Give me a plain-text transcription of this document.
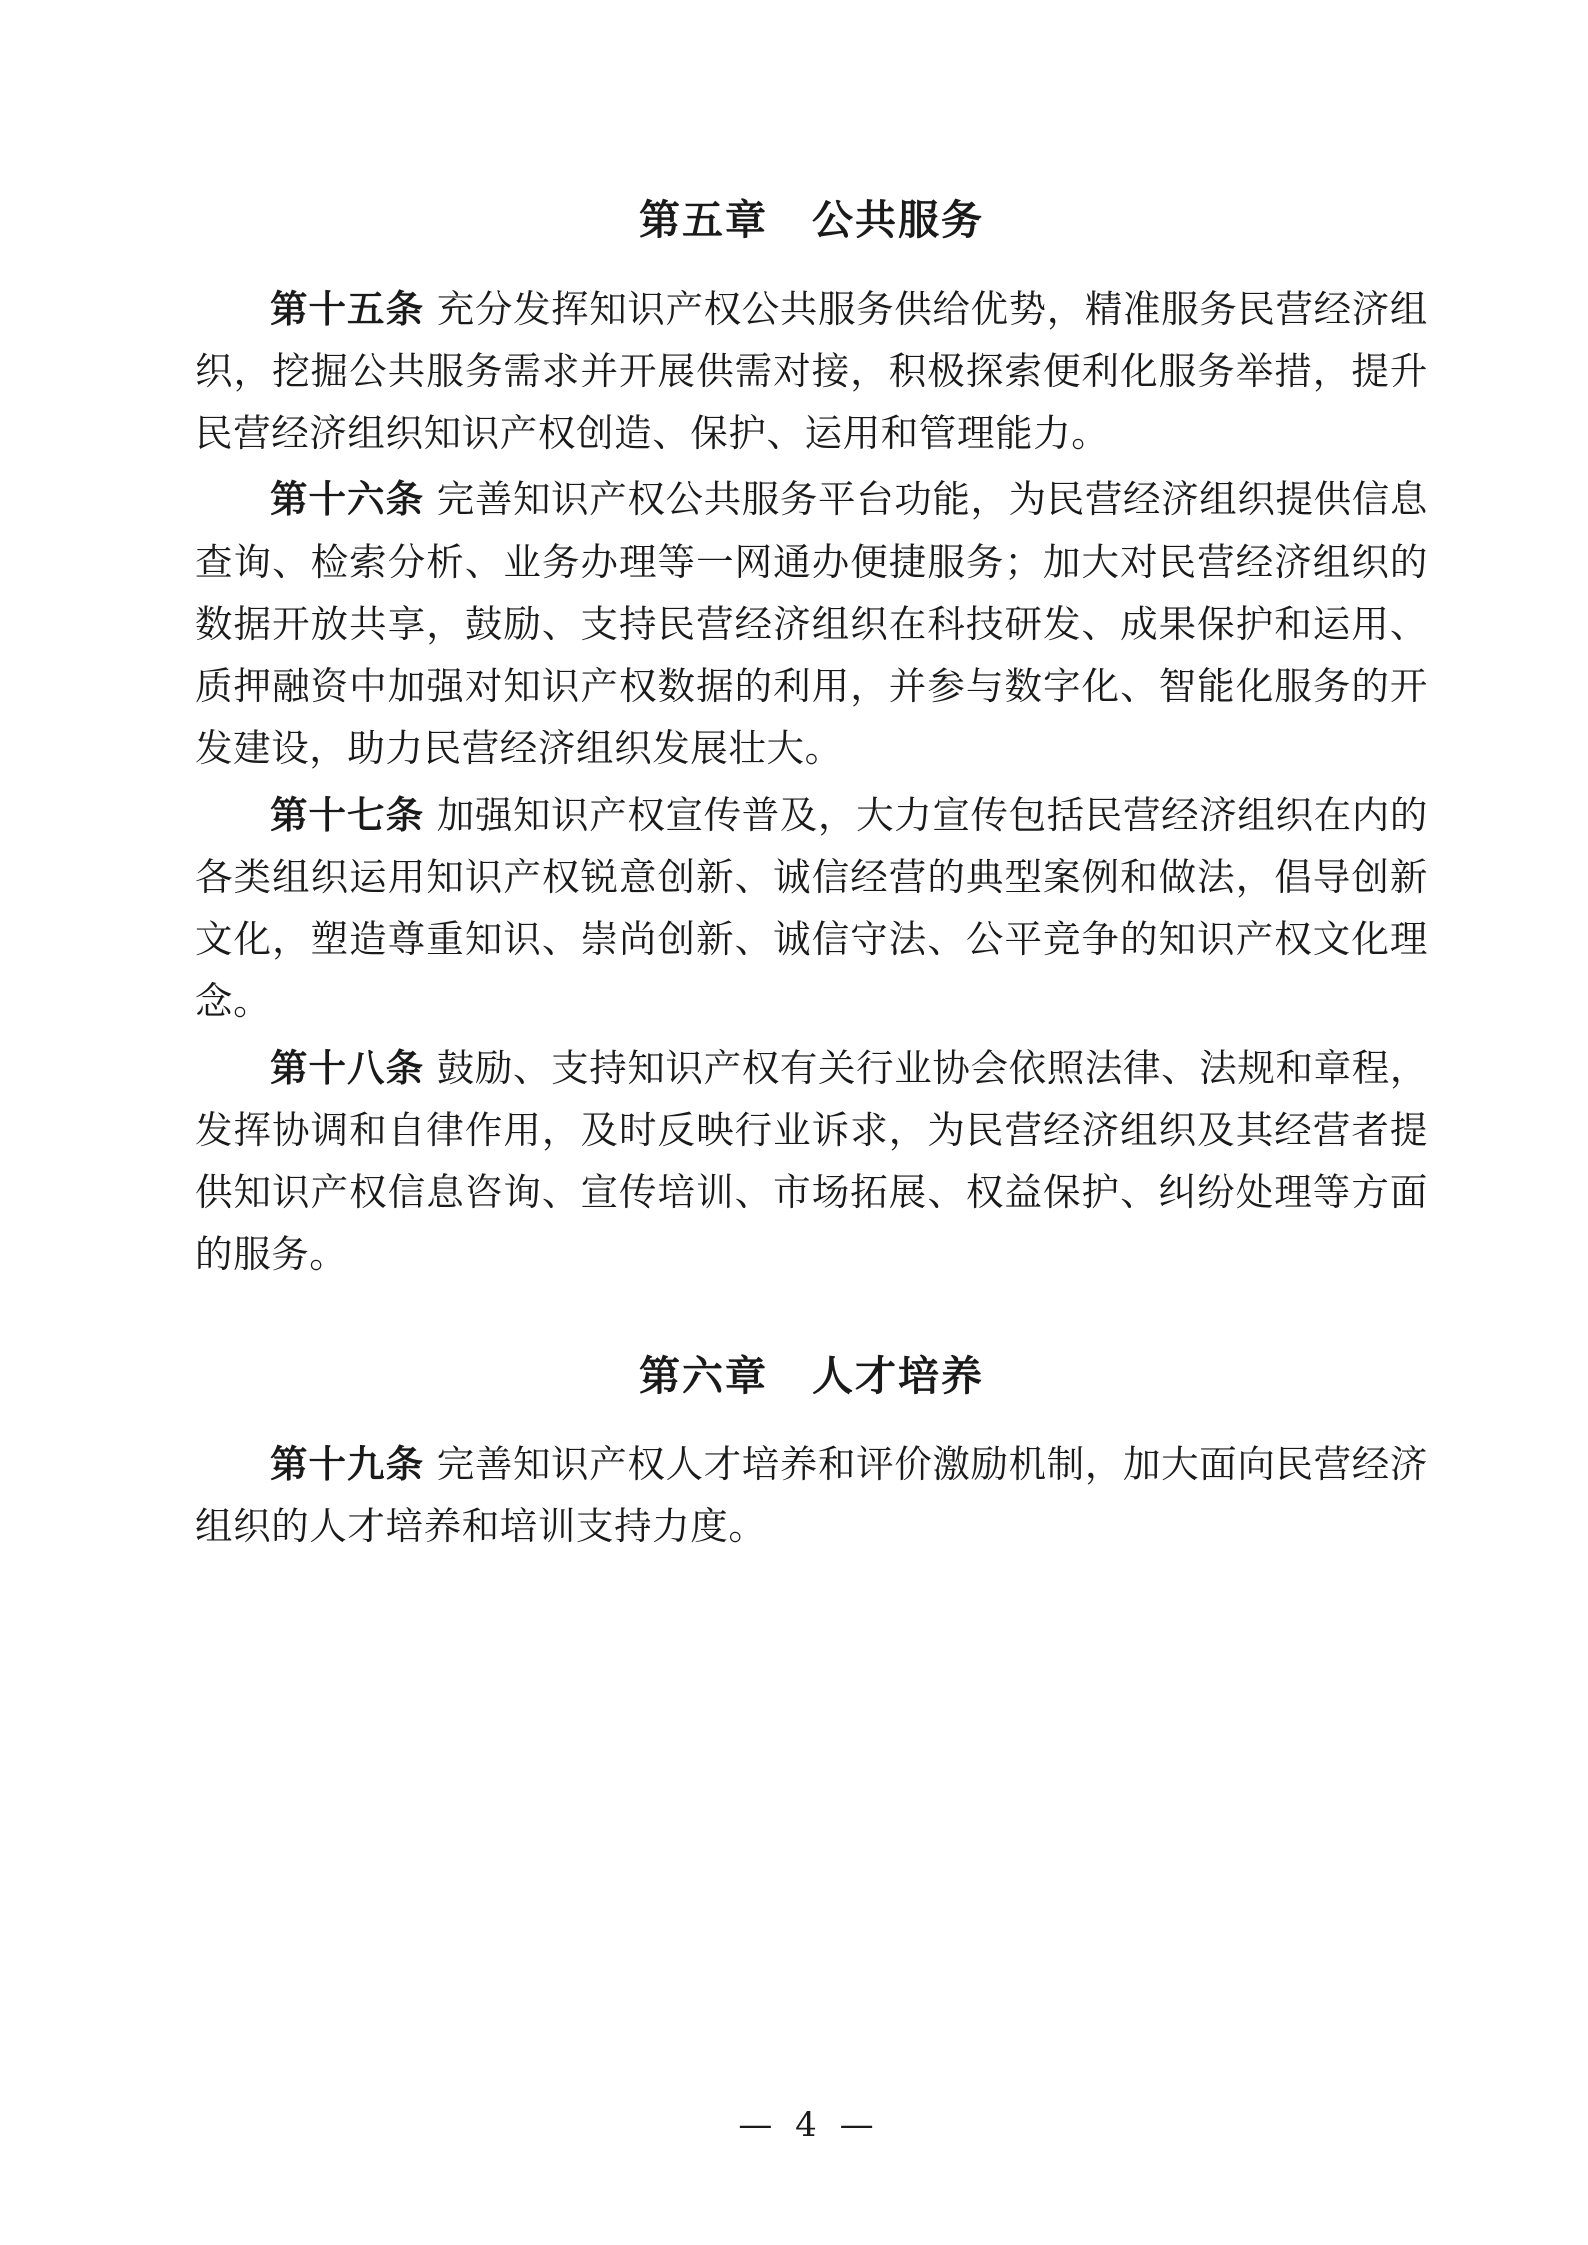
第五章 公共服务

第十五条 充分发挥知识产权公共服务供给优势，精准服务民营经济组织，挖掘公共服务需求并开展供需对接，积极探索便利化服务举措，提升民营经济组织知识产权创造、保护、运用和管理能力。

第十六条 完善知识产权公共服务平台功能，为民营经济组织提供信息查询、检索分析、业务办理等一网通办便捷服务；加大对民营经济组织的数据开放共享，鼓励、支持民营经济组织在科技研发、成果保护和运用、质押融资中加强对知识产权数据的利用，并参与数字化、智能化服务的开发建设，助力民营经济组织发展壮大。

第十七条 加强知识产权宣传普及，大力宣传包括民营经济组织在内的各类组织运用知识产权锐意创新、诚信经营的典型案例和做法，倡导创新文化，塑造尊重知识、崇尚创新、诚信守法、公平竞争的知识产权文化理念。

第十八条 鼓励、支持知识产权有关行业协会依照法律、法规和章程，发挥协调和自律作用，及时反映行业诉求，为民营经济组织及其经营者提供知识产权信息咨询、宣传培训、市场拓展、权益保护、纠纷处理等方面的服务。

第六章 人才培养

第十九条 完善知识产权人才培养和评价激励机制，加大面向民营经济组织的人才培养和培训支持力度。

— 4 —
